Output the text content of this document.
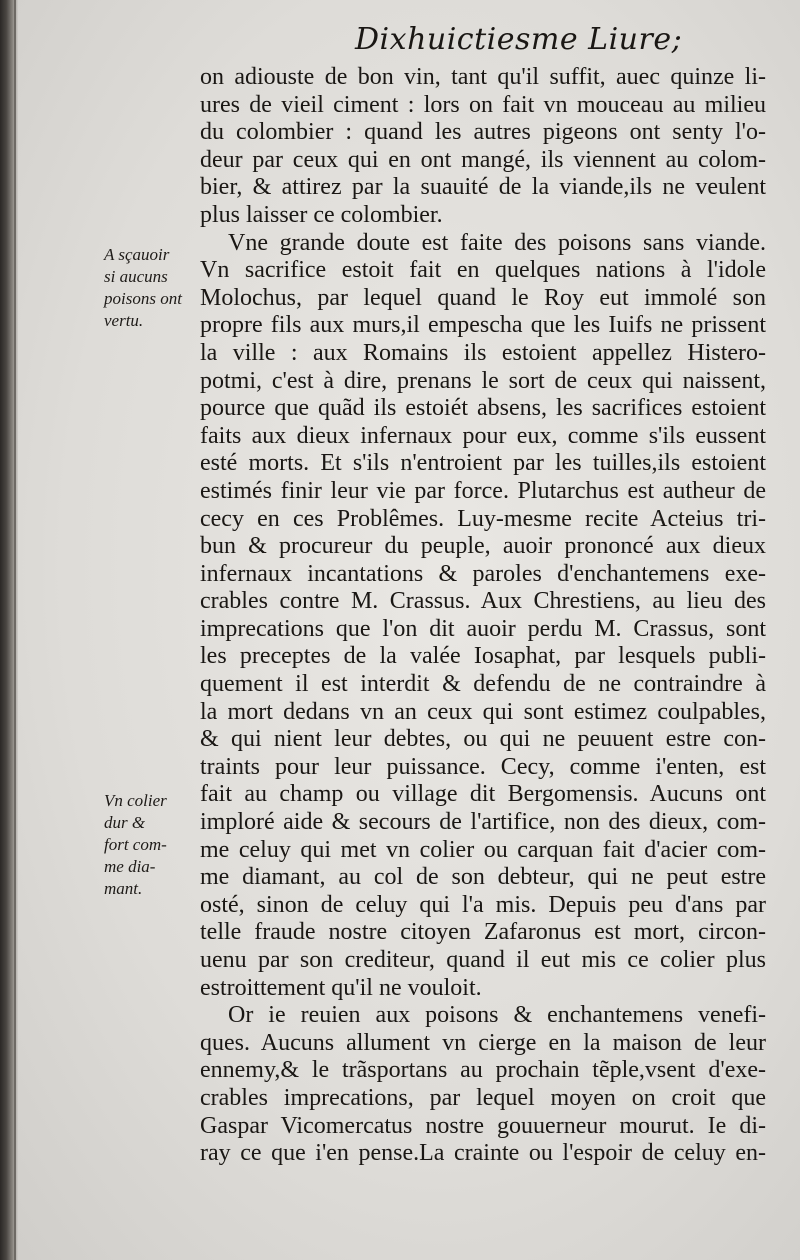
Dixhuictiesme Liure;
A sçauoir
si aucuns
poisons ont
vertu.
Vn colier
dur &
fort com-
me dia-
mant.
on adiouste de bon vin, tant qu'il suffit, auec quinze li-
ures de vieil ciment : lors on fait vn mouceau au milieu
du colombier : quand les autres pigeons ont senty l'o-
deur par ceux qui en ont mangé, ils viennent au colom-
bier, & attirez par la suauité de la viande,ils ne veulent
plus laisser ce colombier.
Vne grande doute est faite des poisons sans viande.
Vn sacrifice estoit fait en quelques nations à l'idole
Molochus, par lequel quand le Roy eut immolé son
propre fils aux murs,il empescha que les Iuifs ne prissent
la ville : aux Romains ils estoient appellez Histero-
potmi, c'est à dire, prenans le sort de ceux qui naissent,
pource que quãd ils estoiét absens, les sacrifices estoient
faits aux dieux infernaux pour eux, comme s'ils eussent
esté morts. Et s'ils n'entroient par les tuilles,ils estoient
estimés finir leur vie par force. Plutarchus est autheur de
cecy en ces Problêmes. Luy-mesme recite Acteius tri-
bun & procureur du peuple, auoir prononcé aux dieux
infernaux incantations & paroles d'enchantemens exe-
crables contre M. Crassus. Aux Chrestiens, au lieu des
imprecations que l'on dit auoir perdu M. Crassus, sont
les preceptes de la valée Iosaphat, par lesquels publi-
quement il est interdit & defendu de ne contraindre à
la mort dedans vn an ceux qui sont estimez coulpables,
& qui nient leur debtes, ou qui ne peuuent estre con-
traints pour leur puissance. Cecy, comme i'enten, est
fait au champ ou village dit Bergomensis. Aucuns ont
imploré aide & secours de l'artifice, non des dieux, com-
me celuy qui met vn colier ou carquan fait d'acier com-
me diamant, au col de son debteur, qui ne peut estre
osté, sinon de celuy qui l'a mis. Depuis peu d'ans par
telle fraude nostre citoyen Zafaronus est mort, circon-
uenu par son crediteur, quand il eut mis ce colier plus
estroittement qu'il ne vouloit.
Or ie reuien aux poisons & enchantemens venefi-
ques. Aucuns allument vn cierge en la maison de leur
ennemy,& le trãsportans au prochain tẽple,vsent d'exe-
crables imprecations, par lequel moyen on croit que
Gaspar Vicomercatus nostre gouuerneur mourut. Ie di-
ray ce que i'en pense.La crainte ou l'espoir de celuy en-
